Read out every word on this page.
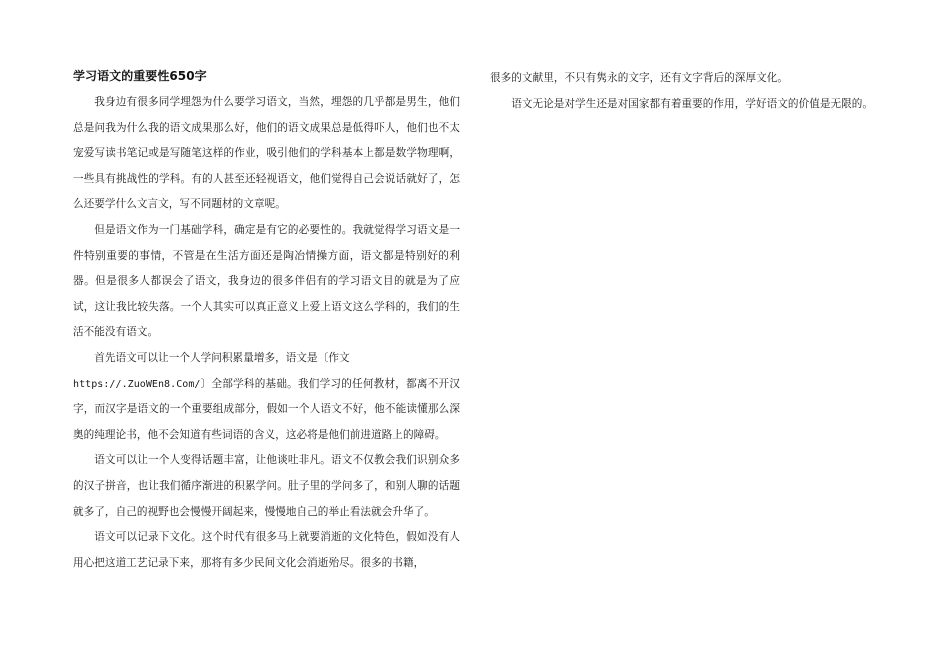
学习语文的重要性650字

我身边有很多同学埋怨为什么要学习语文，当然，埋怨的几乎都是男生，他们总是问我为什么我的语文成果那么好，他们的语文成果总是低得吓人，他们也不太宠爱写读书笔记或是写随笔这样的作业，吸引他们的学科基本上都是数学物理啊，一些具有挑战性的学科。有的人甚至还轻视语文，他们觉得自己会说话就好了，怎么还要学什么文言文，写不同题材的文章呢。

但是语文作为一门基础学科，确定是有它的必要性的。我就觉得学习语文是一件特别重要的事情，不管是在生活方面还是陶冶情操方面，语文都是特别好的利器。但是很多人都误会了语文，我身边的很多伴侣有的学习语文目的就是为了应试，这让我比较失落。一个人其实可以真正意义上爱上语文这么学科的，我们的生活不能没有语文。

首先语文可以让一个人学问积累量增多，语文是〔作文
https://.ZuoWEn8.Com/〕全部学科的基础。我们学习的任何教材，都离不开汉字，而汉字是语文的一个重要组成部分，假如一个人语文不好，他不能读懂那么深奥的纯理论书，他不会知道有些词语的含义，这必将是他们前进道路上的障碍。

语文可以让一个人变得话题丰富，让他谈吐非凡。语文不仅教会我们识别众多的汉子拼音，也让我们循序渐进的积累学问。肚子里的学问多了，和别人聊的话题就多了，自己的视野也会慢慢开阔起来，慢慢地自己的举止看法就会升华了。

语文可以记录下文化。这个时代有很多马上就要消逝的文化特色，假如没有人用心把这道工艺记录下来，那将有多少民间文化会消逝殆尽。很多的书籍，

很多的文献里，不只有隽永的文字，还有文字背后的深厚文化。

语文无论是对学生还是对国家都有着重要的作用，学好语文的价值是无限的。
